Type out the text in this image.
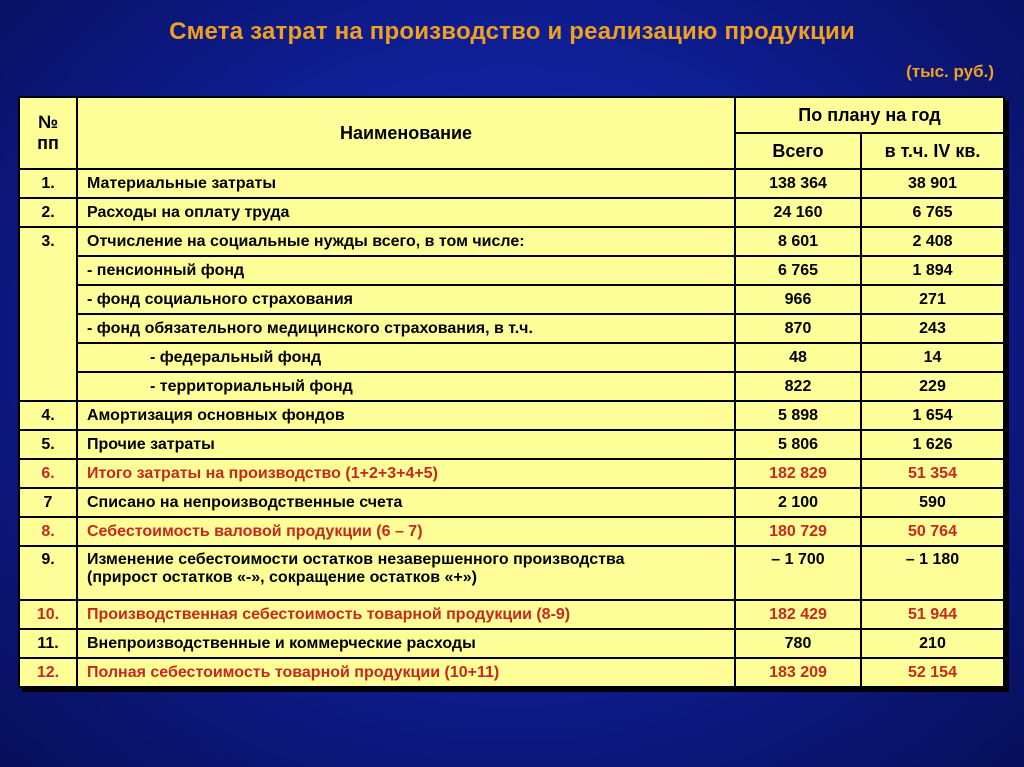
Смета затрат на производство и реализацию продукции
(тыс. руб.)
№ пп	Наименование	По плану на год	
		Всего	в т.ч. IV кв.
1.	Материальные затраты	138 364	38 901
2.	Расходы на оплату труда	24 160	6 765
3.	Отчисление на социальные нужды всего, в том числе:	8 601	2 408
	- пенсионный фонд	6 765	1 894
	- фонд социального страхования	966	271
	- фонд обязательного медицинского страхования, в т.ч.	870	243
	- федеральный фонд	48	14
	- территориальный фонд	822	229
4.	Амортизация основных фондов	5 898	1 654
5.	Прочие затраты	5 806	1 626
6.	Итого затраты на производство (1+2+3+4+5)	182 829	51 354
7	Списано на непроизводственные счета	2 100	590
8.	Себестоимость валовой продукции (6 – 7)	180 729	50 764
9.	Изменение себестоимости остатков незавершенного производства
(прирост остатков «-», сокращение остатков «+»)	– 1 700	– 1 180
10.	Производственная себестоимость товарной продукции (8-9)	182 429	51 944
11.	Внепроизводственные и коммерческие расходы	780	210
12.	Полная себестоимость товарной продукции (10+11)	183 209	52 154
